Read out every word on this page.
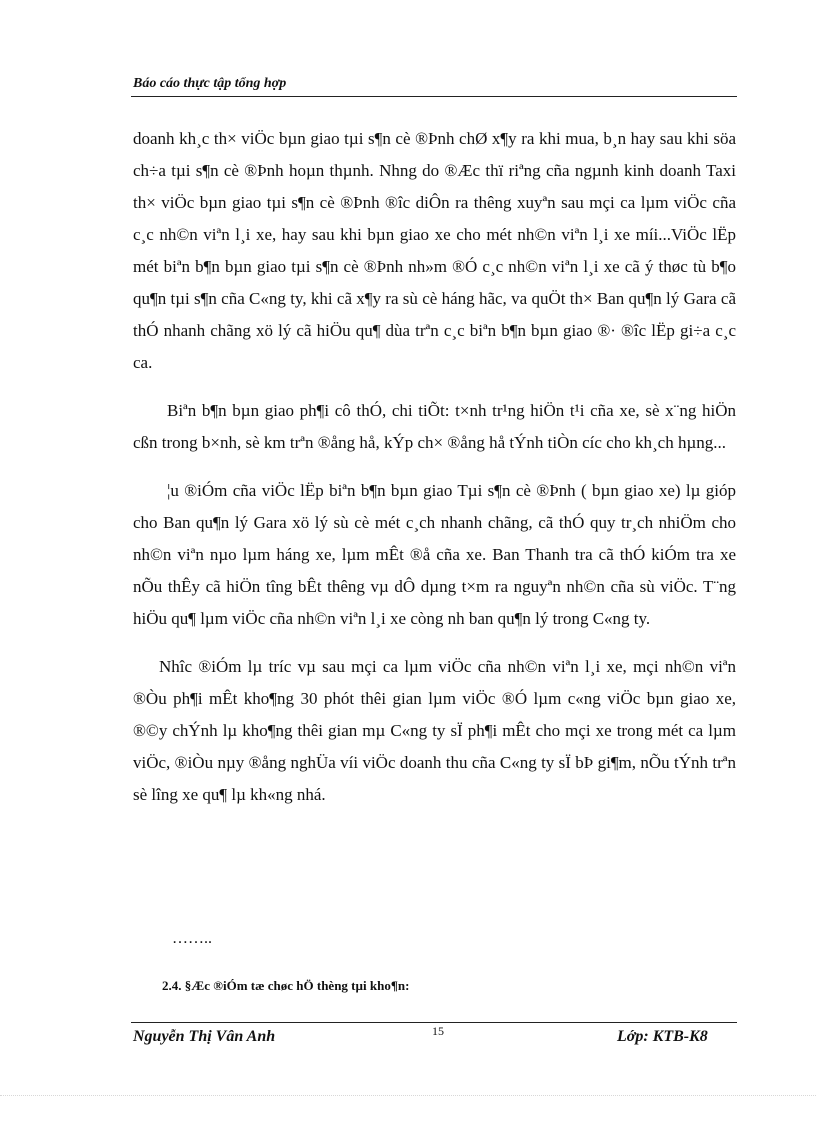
Báo cáo thực tập tổng hợp

doanh kh¸c th× viÖc bµn giao tµi s¶n cè ®Þnh chØ x¶y ra khi mua, b¸n hay sau khi söa ch÷a tµi s¶n cè ®Þnh hoµn thµnh. Nhng do ®Æc thï riªng cña ngµnh kinh doanh Taxi th× viÖc bµn giao tµi s¶n cè ®Þnh ®îc diÔn ra thêng xuyªn sau mçi ca lµm viÖc cña c¸c nh©n viªn l¸i xe, hay sau khi bµn giao xe cho mét nh©n viªn l¸i xe míi...ViÖc lËp mét biªn b¶n bµn giao tµi s¶n cè ®Þnh nh»m ®Ó c¸c nh©n viªn l¸i xe cã ý thøc tù b¶o qu¶n tµi s¶n cña C«ng ty, khi cã x¶y ra sù cè háng hãc, va quÖt th× Ban qu¶n lý Gara cã thÓ nhanh chãng xö lý cã hiÖu qu¶ dùa trªn c¸c biªn b¶n bµn giao ®· ®îc lËp gi÷a c¸c ca.

Biªn b¶n bµn giao ph¶i cô thÓ, chi tiÕt: t×nh tr¹ng hiÖn t¹i cña xe, sè x¨ng hiÖn cßn trong b×nh, sè km trªn ®ång hå, kÝp ch× ®ång hå tÝnh tiÒn cíc cho kh¸ch hµng...

¦u ®iÓm cña viÖc lËp biªn b¶n bµn giao Tµi s¶n cè ®Þnh ( bµn giao xe) lµ gióp cho Ban qu¶n lý Gara xö lý sù cè mét c¸ch nhanh chãng, cã thÓ quy tr¸ch nhiÖm cho nh©n viªn nµo lµm háng xe, lµm mÊt ®å cña xe. Ban Thanh tra cã thÓ kiÓm tra xe nÕu thÊy cã hiÖn tîng bÊt thêng vµ dÔ dµng t×m ra nguyªn nh©n cña sù viÖc. T¨ng hiÖu qu¶ lµm viÖc cña nh©n viªn l¸i xe còng nh ban qu¶n lý trong C«ng ty.

Nhîc ®iÓm lµ tríc vµ sau mçi ca lµm viÖc cña nh©n viªn l¸i xe, mçi nh©n viªn ®Òu ph¶i mÊt kho¶ng 30 phót thêi gian lµm viÖc ®Ó lµm c«ng viÖc bµn giao xe, ®©y chÝnh lµ kho¶ng thêi gian mµ C«ng ty sÏ ph¶i mÊt cho mçi xe trong mét ca lµm viÖc, ®iÒu nµy ®ång nghÜa víi viÖc doanh thu cña C«ng ty sÏ bÞ gi¶m, nÕu tÝnh trªn sè lîng xe qu¶ lµ kh«ng nhá.

……..
2.4. §Æc ®iÓm tæ chøc hÖ thèng tµi kho¶n:
Nguyễn Thị Vân Anh	15	Lớp: KTB-K8
